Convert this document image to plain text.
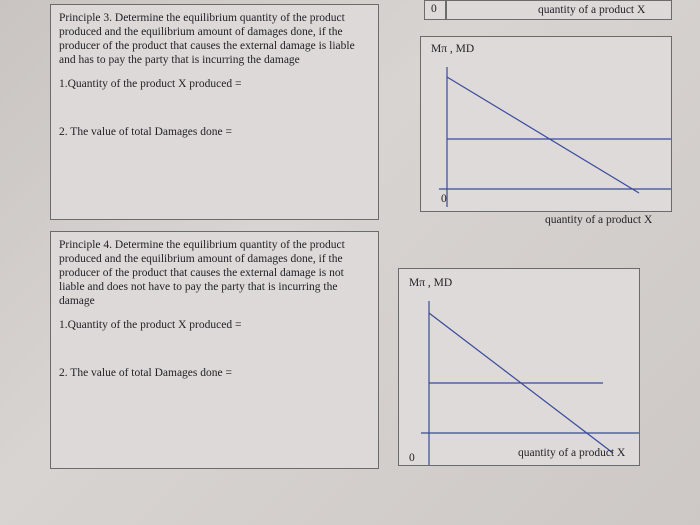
0	quantity of a product X

Principle 3. Determine the equilibrium quantity of the product produced and the equilibrium amount of damages done, if the producer of the product that causes the external damage is liable and has to pay the party that is incurring the damage

1.Quantity of the product X produced =

2. The value of total Damages done =

Mπ , MD
0
quantity of a product X

Principle 4. Determine the equilibrium quantity of the product produced and the equilibrium amount of damages done, if the producer of the product that causes the external damage is not liable and does not have to pay the party that is incurring the damage

1.Quantity of the product X produced =

2. The value of total Damages done =

Mπ , MD
0	quantity of a product X
